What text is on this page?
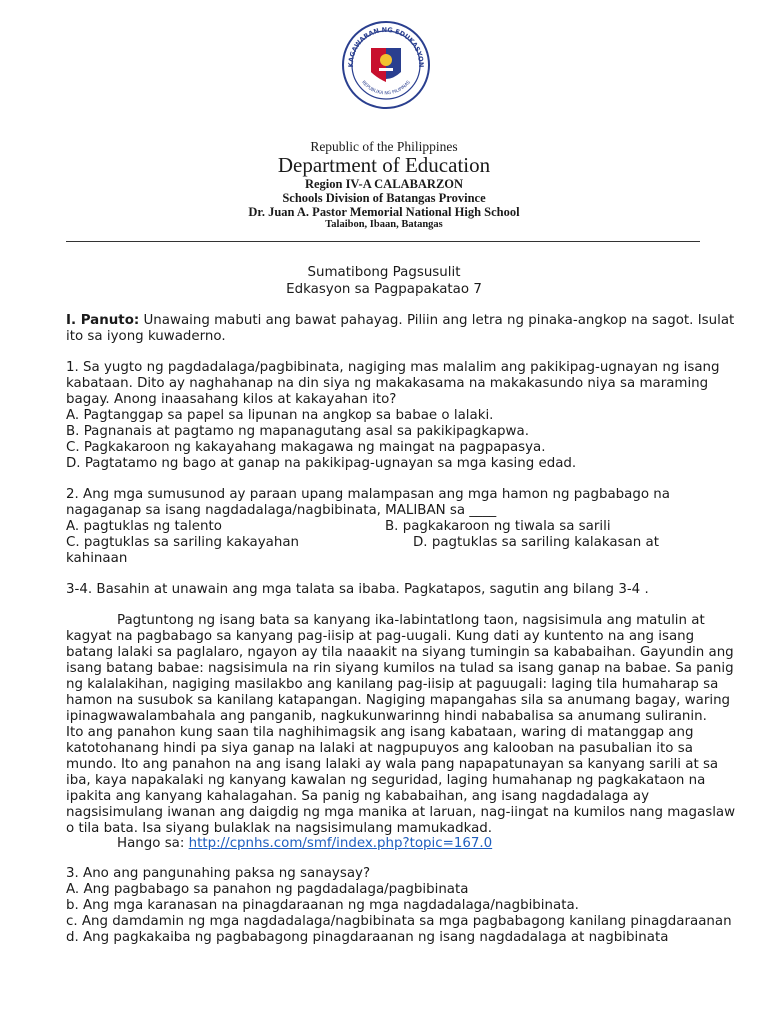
KAGAWARAN NG EDUKASYON
REPUBLIKA NG PILIPINAS
Republic of the Philippines
Department of Education
Region IV-A CALABARZON
Schools Division of Batangas Province
Dr. Juan A. Pastor Memorial National High School
Talaibon, Ibaan, Batangas
Sumatibong Pagsusulit
Edkasyon sa Pagpapakatao 7
I. Panuto: Unawaing mabuti ang bawat pahayag. Piliin ang letra ng pinaka-angkop na sagot. Isulat
ito sa iyong kuwaderno.
1. Sa yugto ng pagdadalaga/pagbibinata, nagiging mas malalim ang pakikipag-ugnayan ng isang
kabataan. Dito ay naghahanap na din siya ng makakasama na makakasundo niya sa maraming
bagay. Anong inaasahang kilos at kakayahan ito?
A. Pagtanggap sa papel sa lipunan na angkop sa babae o lalaki.
B. Pagnanais at pagtamo ng mapanagutang asal sa pakikipagkapwa.
C. Pagkakaroon ng kakayahang makagawa ng maingat na pagpapasya.
D. Pagtatamo ng bago at ganap na pakikipag-ugnayan sa mga kasing edad.
2. Ang mga sumusunod ay paraan upang malampasan ang mga hamon ng pagbabago na
nagaganap sa isang nagdadalaga/nagbibinata, MALIBAN sa ____
A. pagtuklas ng talento	B. pagkakaroon ng tiwala sa sarili
C. pagtuklas sa sariling kakayahan	D. pagtuklas sa sariling kalakasan at
kahinaan
3-4. Basahin at unawain ang mga talata sa ibaba. Pagkatapos, sagutin ang bilang 3-4 .
Pagtuntong ng isang bata sa kanyang ika-labintatlong taon, nagsisimula ang matulin at
kagyat na pagbabago sa kanyang pag-iisip at pag-uugali. Kung dati ay kuntento na ang isang
batang lalaki sa paglalaro, ngayon ay tila naaakit na siyang tumingin sa kababaihan. Gayundin ang
isang batang babae: nagsisimula na rin siyang kumilos na tulad sa isang ganap na babae. Sa panig
ng kalalakihan, nagiging masilakbo ang kanilang pag-iisip at paguugali: laging tila humaharap sa
hamon na susubok sa kanilang katapangan. Nagiging mapangahas sila sa anumang bagay, waring
ipinagwawalambahala ang panganib, nagkukunwarinng hindi nababalisa sa anumang suliranin.
Ito ang panahon kung saan tila naghihimagsik ang isang kabataan, waring di matanggap ang
katotohanang hindi pa siya ganap na lalaki at nagpupuyos ang kaloobаn na pasubalian ito sa
mundo. Ito ang panahon na ang isang lalaki ay wala pang napapatunayan sa kanyang sarili at sa
iba, kaya napakalaki ng kanyang kawalan ng seguridad, laging humahanap ng pagkakataon na
ipakita ang kanyang kahalagahan. Sa panig ng kababaihan, ang isang nagdadalaga ay
nagsisimulang iwanan ang daigdig ng mga manika at laruan, nag-iingat na kumilos nang magaslaw
o tila bata. Isa siyang bulaklak na nagsisimulang mamukadkad.
Hango sa: http://cpnhs.com/smf/index.php?topic=167.0
3. Ano ang pangunahing paksa ng sanaysay?
A. Ang pagbabago sa panahon ng pagdadalaga/pagbibinata
b. Ang mga karanasan na pinagdaraanan ng mga nagdadalaga/nagbibinata.
c. Ang damdamin ng mga nagdadalaga/nagbibinata sa mga pagbabagong kanilang pinagdaraanan
d. Ang pagkakaiba ng pagbabagong pinagdaraanan ng isang nagdadalaga at nagbibinata
